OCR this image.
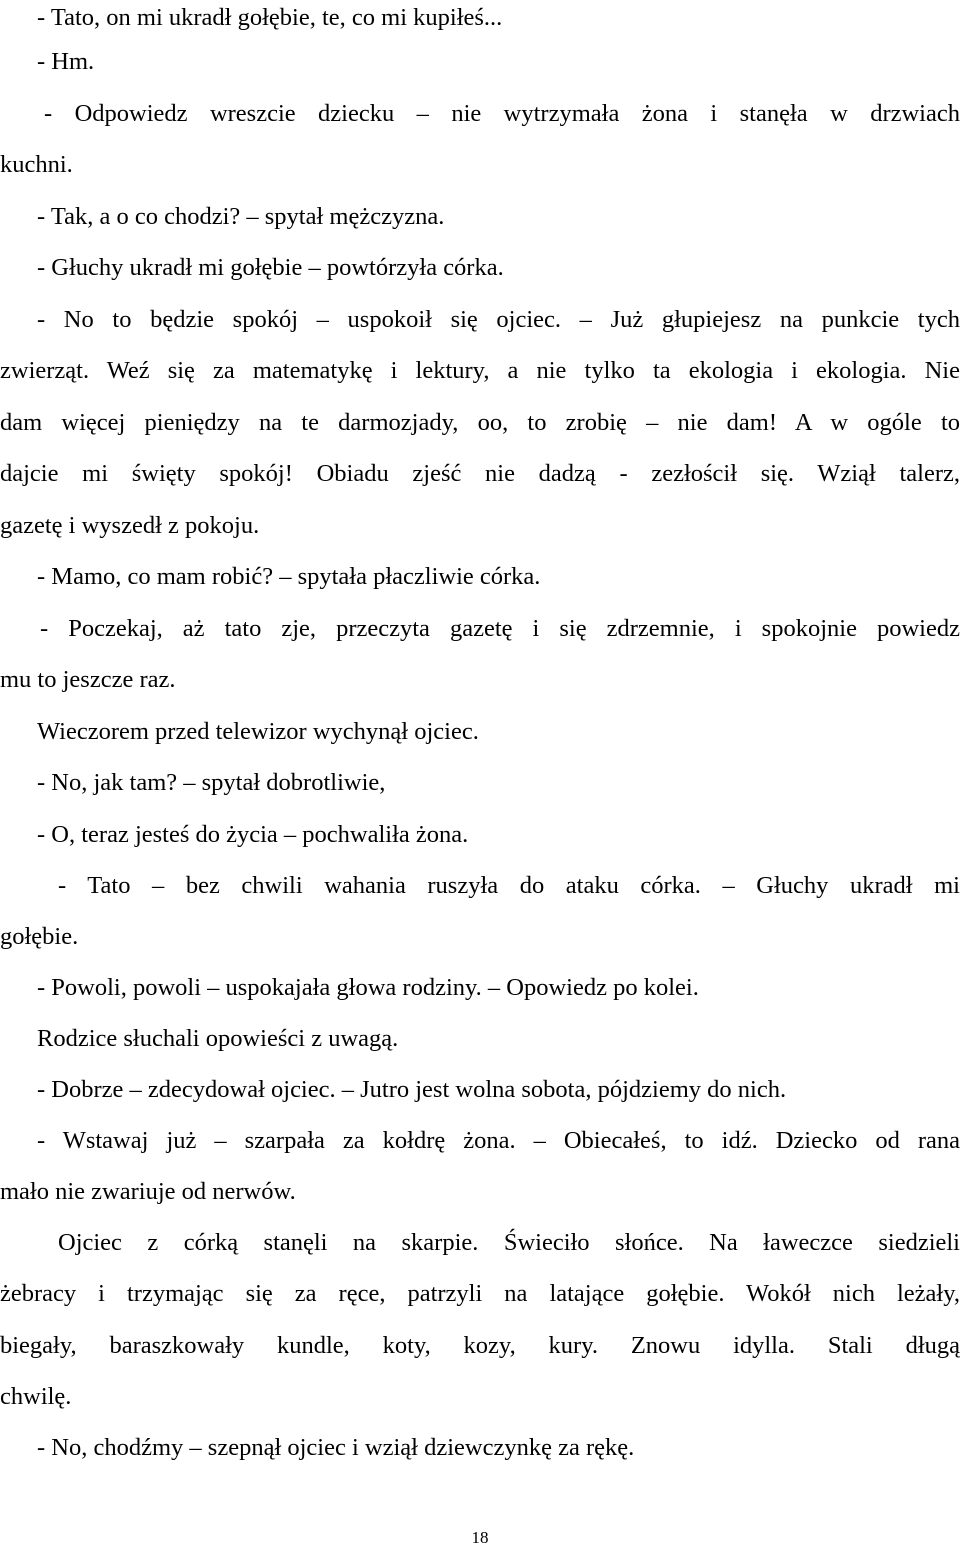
- Tato, on mi ukradł gołębie, te, co mi kupiłeś...
- Hm.
- Odpowiedz wreszcie dziecku – nie wytrzymała żona i stanęła w drzwiach
kuchni.
- Tak, a o co chodzi? – spytał mężczyzna.
- Głuchy ukradł mi gołębie – powtórzyła córka.
- No to będzie spokój – uspokoił się ojciec. – Już głupiejesz na punkcie tych
zwierząt. Weź się za matematykę i lektury, a nie tylko ta ekologia i ekologia. Nie
dam więcej pieniędzy na te darmozjady, oo, to zrobię – nie dam! A w ogóle to
dajcie mi święty spokój! Obiadu zjeść nie dadzą - zezłościł się. Wziął talerz,
gazetę i wyszedł z pokoju.
- Mamo, co mam robić? – spytała płaczliwie córka.
- Poczekaj, aż tato zje, przeczyta gazetę i się zdrzemnie, i spokojnie powiedz
mu to jeszcze raz.
Wieczorem przed telewizor wychynął ojciec.
- No, jak tam? – spytał dobrotliwie,
- O, teraz jesteś do życia – pochwaliła żona.
- Tato – bez chwili wahania ruszyła do ataku córka. – Głuchy ukradł mi
gołębie.
- Powoli, powoli – uspokajała głowa rodziny. – Opowiedz po kolei.
Rodzice słuchali opowieści z uwagą.
- Dobrze – zdecydował ojciec. – Jutro jest wolna sobota, pójdziemy do nich.
- Wstawaj już – szarpała za kołdrę żona. – Obiecałeś, to idź. Dziecko od rana
mało nie zwariuje od nerwów.
Ojciec z córką stanęli na skarpie. Świeciło słońce. Na ławeczce siedzieli
żebracy i trzymając się za ręce, patrzyli na latające gołębie. Wokół nich leżały,
biegały, baraszkowały kundle, koty, kozy, kury. Znowu idylla. Stali długą
chwilę.
- No, chodźmy – szepnął ojciec i wziął dziewczynkę za rękę.
18
